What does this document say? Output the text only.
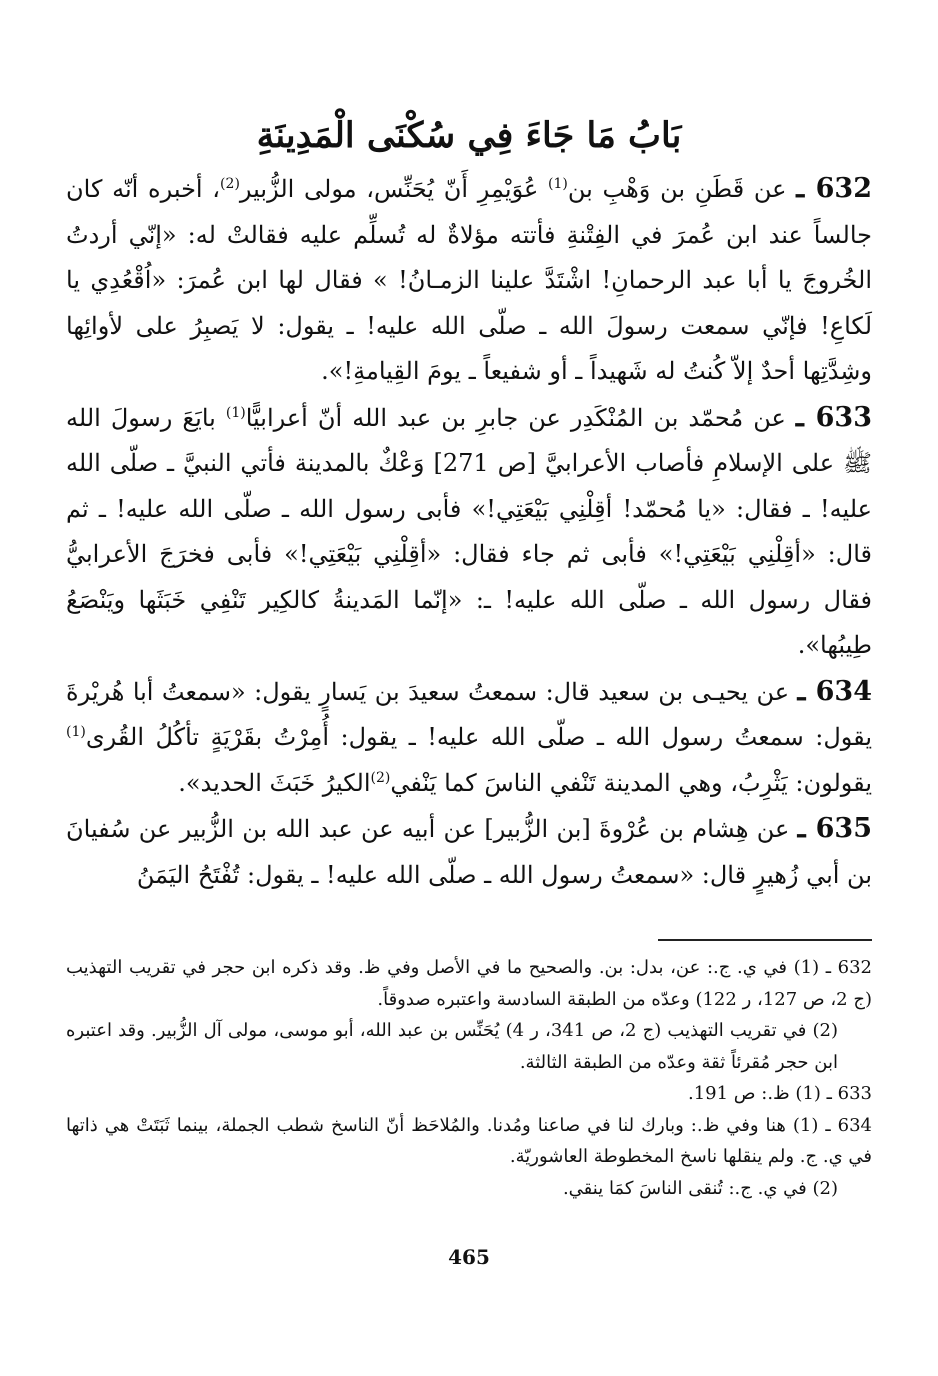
بَابُ مَا جَاءَ فِي سُكْنَى الْمَدِينَةِ

632 ـ عن قَطَنِ بن وَهْبِ بن$^{(1)}$ عُوَيْمِرِ أَنّ يُحَنِّس، مولى الزُّبير$^{(2)}$، أخبره أنّه كان جالساً عند ابن عُمرَ في الفِتْنةِ فأتته مؤلاةٌ له تُسلِّم عليه فقالتْ له: «إنّي أردتُ الخُروجَ يا أبا عبد الرحمانِ! اشْتَدَّ علينا الزمـانُ! » فقال لها ابن عُمرَ: «اُقْعُدِي يا لَكاعِ! فإنّي سمعت رسولَ الله ـ صلّى الله عليه! ـ يقول: لا يَصبِرُ على لأوائِها وشِدَّتِها أحدٌ إلاّ كُنتُ له شَهيداً ـ أو شفيعاً ـ يومَ القِيامةِ!».

633 ـ عن مُحمّد بن المُنْكَدِر عن جابرِ بن عبد الله أنّ أعرابيًّا$^{(1)}$ بايَعَ رسولَ الله ﷺ على الإسلامِ فأصاب الأعرابيَّ [ص 271] وَعْكٌ بالمدينة فأتي النبيَّ ـ صلّى الله عليه! ـ فقال: «يا مُحمّد! أقِلْنِي بَيْعَتِي!» فأبى رسول الله ـ صلّى الله عليه! ـ ثم قال: «أقِلْنِي بَيْعَتِي!» فأبى ثم جاء فقال: «أقِلْنِي بَيْعَتِي!» فأبى فخرَجَ الأعرابيُّ فقال رسول الله ـ صلّى الله عليه! ـ: «إنّما المَدينةُ كالكِير تَنْفِي خَبَثَها ويَنْصَعُ طِيبُها».

634 ـ عن يحيـى بن سعيد قال: سمعتُ سعيدَ بن يَسارٍ يقول: «سمعتُ أبا هُريْرةَ يقول: سمعتُ رسول الله ـ صلّى الله عليه! ـ يقول: أُمِرْتُ بقَرْيَةٍ تأكُلُ القُرى$^{(1)}$ يقولون: يَثْرِبُ، وهي المدينة تَنْفي الناسَ كما يَنْفي$^{(2)}$الكيرُ خَبَثَ الحديد».

635 ـ عن هِشام بن عُرْوةَ [بن الزُّبير] عن أبيه عن عبد الله بن الزُّبير عن سُفيانَ بن أبي زُهيرٍ قال: «سمعتُ رسول الله ـ صلّى الله عليه! ـ يقول: تُفْتَحُ اليَمَنُ

632 ـ (1) في ي. ج.: عن، بدل: بن. والصحيح ما في الأصل وفي ظ. وقد ذكره ابن حجر في تقريب التهذيب (ج 2، ص 127، ر 122) وعدّه من الطبقة السادسة واعتبره صدوقاً.

(2) في تقريب التهذيب (ج 2، ص 341، ر 4) يُحَنِّس بن عبد الله، أبو موسى، مولى آل الزُّبير. وقد اعتبره ابن حجر مُقرئاً ثقة وعدّه من الطبقة الثالثة.

633 ـ (1) ظ.: ص 191.

634 ـ (1) هنا وفي ظ.: وبارك لنا في صاعنا ومُدنا. والمُلاحَظ أنّ الناسخ شطب الجملة، بينما ثَبَتَتْ هي ذاتها في ي. ج. ولم ينقلها ناسخ المخطوطة العاشوريّة.

(2) في ي. ج.: تُنقى الناسَ كمَا ينقي.

465
